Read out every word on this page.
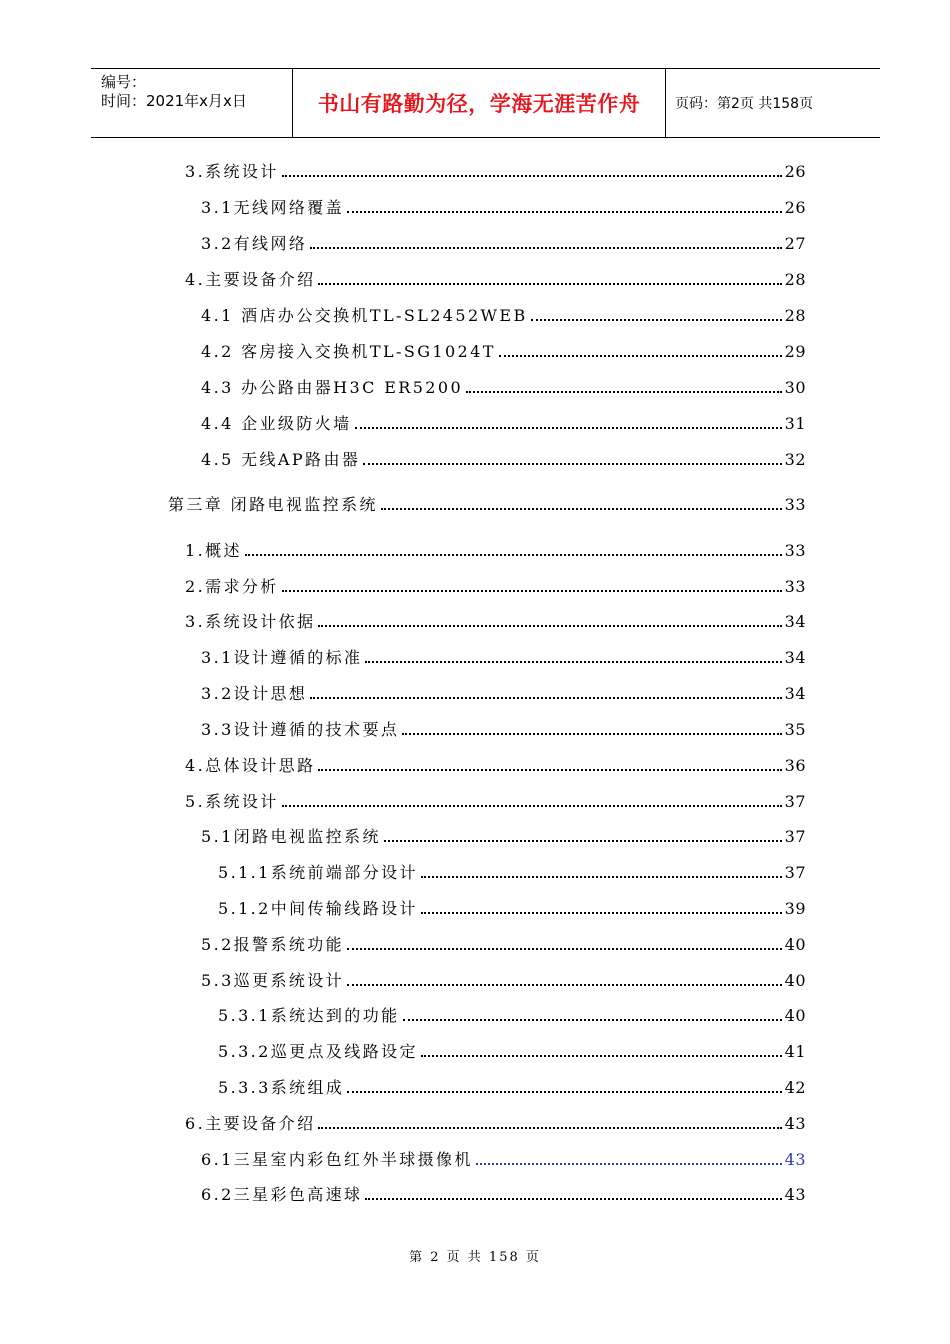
编号：
时间：2021年x月x日	书山有路勤为径，学海无涯苦作舟	页码：第2页 共158页
3.系统设计	26
3.1无线网络覆盖	26
3.2有线网络	27
4.主要设备介绍	28
4.1 酒店办公交换机TL-SL2452WEB	28
4.2 客房接入交换机TL-SG1024T	29
4.3 办公路由器H3C ER5200	30
4.4 企业级防火墙	31
4.5 无线AP路由器	32
第三章 闭路电视监控系统	33
1.概述	33
2.需求分析	33
3.系统设计依据	34
3.1设计遵循的标准	34
3.2设计思想	34
3.3设计遵循的技术要点	35
4.总体设计思路	36
5.系统设计	37
5.1闭路电视监控系统	37
5.1.1系统前端部分设计	37
5.1.2中间传输线路设计	39
5.2报警系统功能	40
5.3巡更系统设计	40
5.3.1系统达到的功能	40
5.3.2巡更点及线路设定	41
5.3.3系统组成	42
6.主要设备介绍	43
6.1三星室内彩色红外半球摄像机	43
6.2三星彩色高速球	43
第 2 页 共 158 页
